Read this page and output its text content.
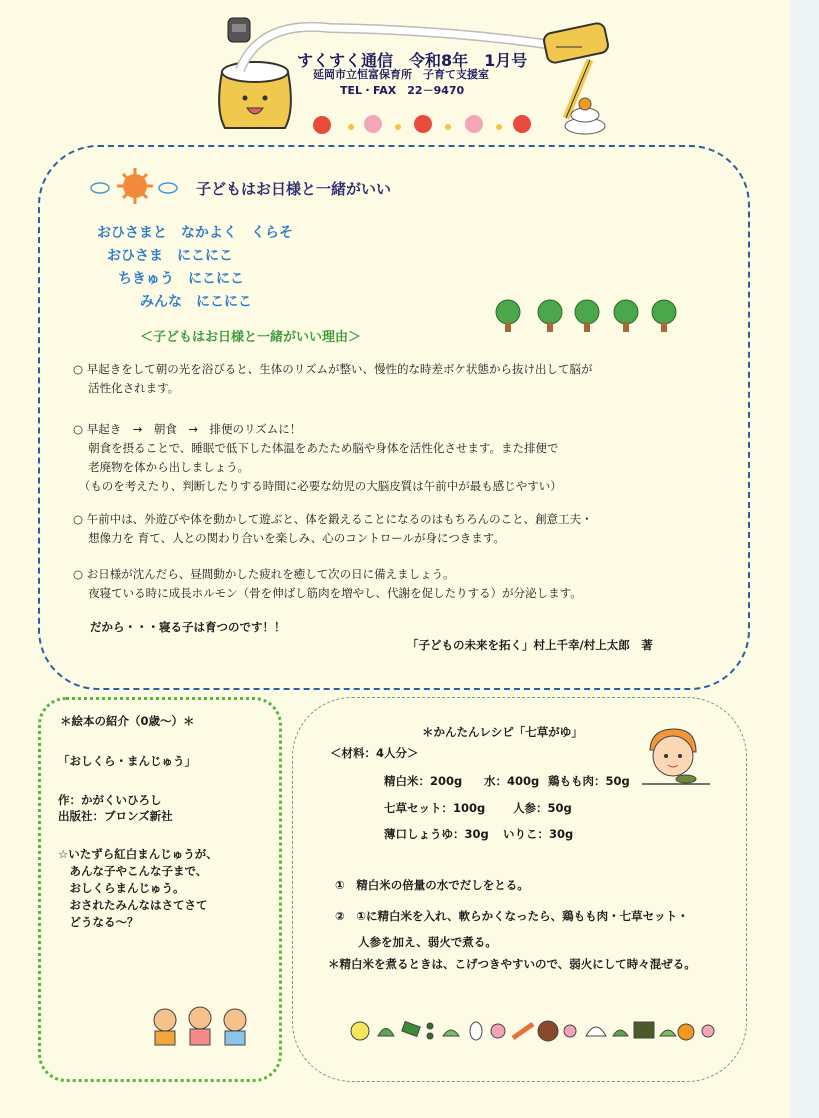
すくすく通信　令和8年　1月号
延岡市立恒富保育所　子育て支援室
TEL・FAX　22－9470
子どもはお日様と一緒がいい
おひさまと　なかよく　くらそ
おひさま　にこにこ
ちきゅう　にこにこ
みんな　にこにこ
＜子どもはお日様と一緒がいい理由＞
○ 早起きをして朝の光を浴びると、生体のリズムが整い、慢性的な時差ボケ状態から抜け出して脳が
　 活性化されます。
○ 早起き　→　朝食　→　排便のリズムに！
　 朝食を摂ることで、睡眠で低下した体温をあたため脳や身体を活性化させます。また排便で
　 老廃物を体から出しましょう。
　（ものを考えたり、判断したりする時間に必要な幼児の大脳皮質は午前中が最も感じやすい）
○ 午前中は、外遊びや体を動かして遊ぶと、体を鍛えることになるのはもちろんのこと、創意工夫・
　 想像力を 育て、人との関わり合いを楽しみ、心のコントロールが身につきます。
○ お日様が沈んだら、昼間動かした疲れを癒して次の日に備えましょう。
　 夜寝ている時に成長ホルモン（骨を伸ばし筋肉を増やし、代謝を促したりする）が分泌します。
だから・・・寝る子は育つのです！！
「子どもの未来を拓く」村上千幸/村上太郎　著
＊絵本の紹介（0歳～）＊
「おしくら・まんじゅう」
作：かがくいひろし
出版社：ブロンズ新社
☆いたずら紅白まんじゅうが、
　あんな子やこんな子まで、
　おしくらまんじゅう。
　おされたみんなはさてさて
　どうなる～？
＊かんたんレシピ「七草がゆ」
＜材料：4人分＞
精白米：200g 水：400g 鶏もも肉：50g
七草セット：100g 人参：50g
薄口しょうゆ：30g いりこ：30g
①　精白米の倍量の水でだしをとる。
②　①に精白米を入れ、軟らかくなったら、鶏もも肉・七草セット・
　　人参を加え、弱火で煮る。
＊精白米を煮るときは、こげつきやすいので、弱火にして時々混ぜる。
